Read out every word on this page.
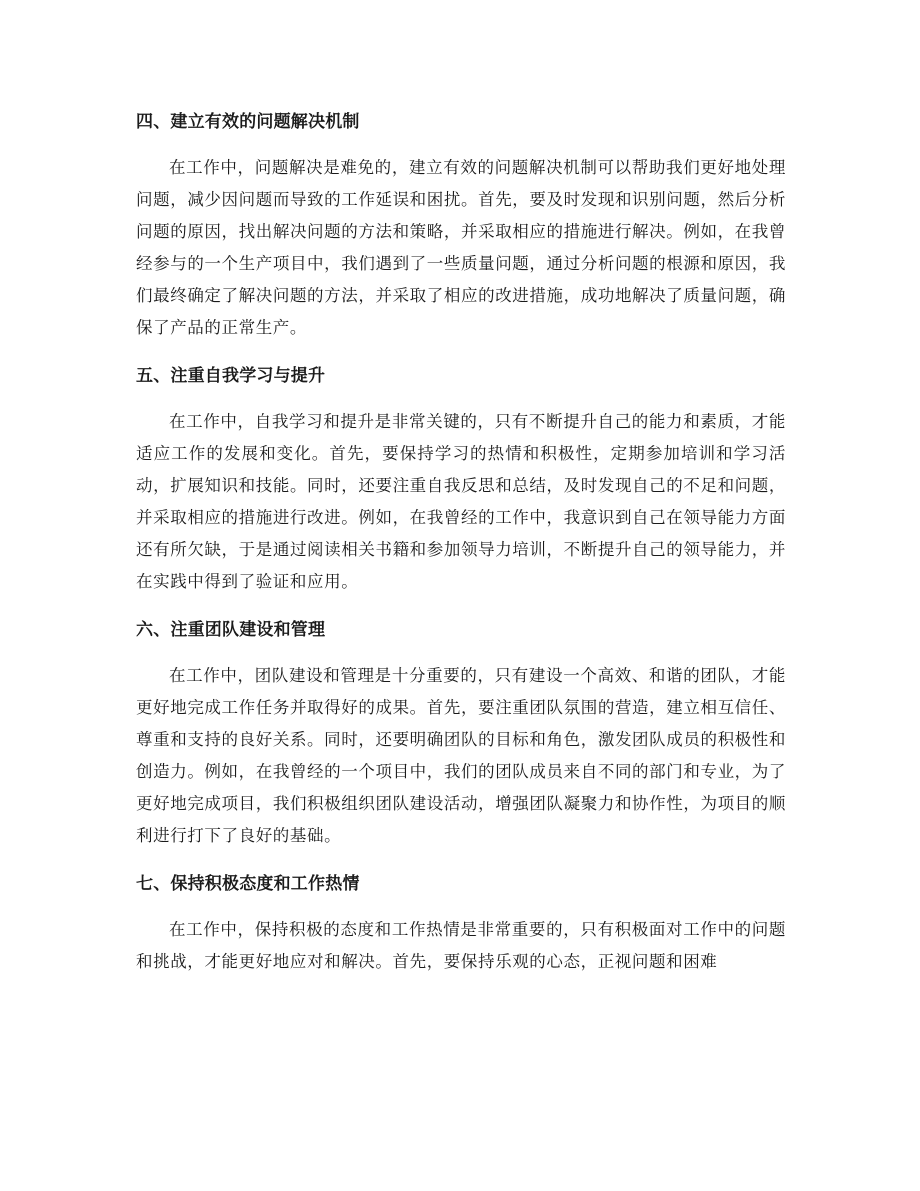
四、建立有效的问题解决机制

在工作中，问题解决是难免的，建立有效的问题解决机制可以帮助我们更好地处理问题，减少因问题而导致的工作延误和困扰。首先，要及时发现和识别问题，然后分析问题的原因，找出解决问题的方法和策略，并采取相应的措施进行解决。例如，在我曾经参与的一个生产项目中，我们遇到了一些质量问题，通过分析问题的根源和原因，我们最终确定了解决问题的方法，并采取了相应的改进措施，成功地解决了质量问题，确保了产品的正常生产。

五、注重自我学习与提升

在工作中，自我学习和提升是非常关键的，只有不断提升自己的能力和素质，才能适应工作的发展和变化。首先，要保持学习的热情和积极性，定期参加培训和学习活动，扩展知识和技能。同时，还要注重自我反思和总结，及时发现自己的不足和问题，并采取相应的措施进行改进。例如，在我曾经的工作中，我意识到自己在领导能力方面还有所欠缺，于是通过阅读相关书籍和参加领导力培训，不断提升自己的领导能力，并在实践中得到了验证和应用。

六、注重团队建设和管理

在工作中，团队建设和管理是十分重要的，只有建设一个高效、和谐的团队，才能更好地完成工作任务并取得好的成果。首先，要注重团队氛围的营造，建立相互信任、尊重和支持的良好关系。同时，还要明确团队的目标和角色，激发团队成员的积极性和创造力。例如，在我曾经的一个项目中，我们的团队成员来自不同的部门和专业，为了更好地完成项目，我们积极组织团队建设活动，增强团队凝聚力和协作性，为项目的顺利进行打下了良好的基础。

七、保持积极态度和工作热情

在工作中，保持积极的态度和工作热情是非常重要的，只有积极面对工作中的问题和挑战，才能更好地应对和解决。首先，要保持乐观的心态，正视问题和困难
